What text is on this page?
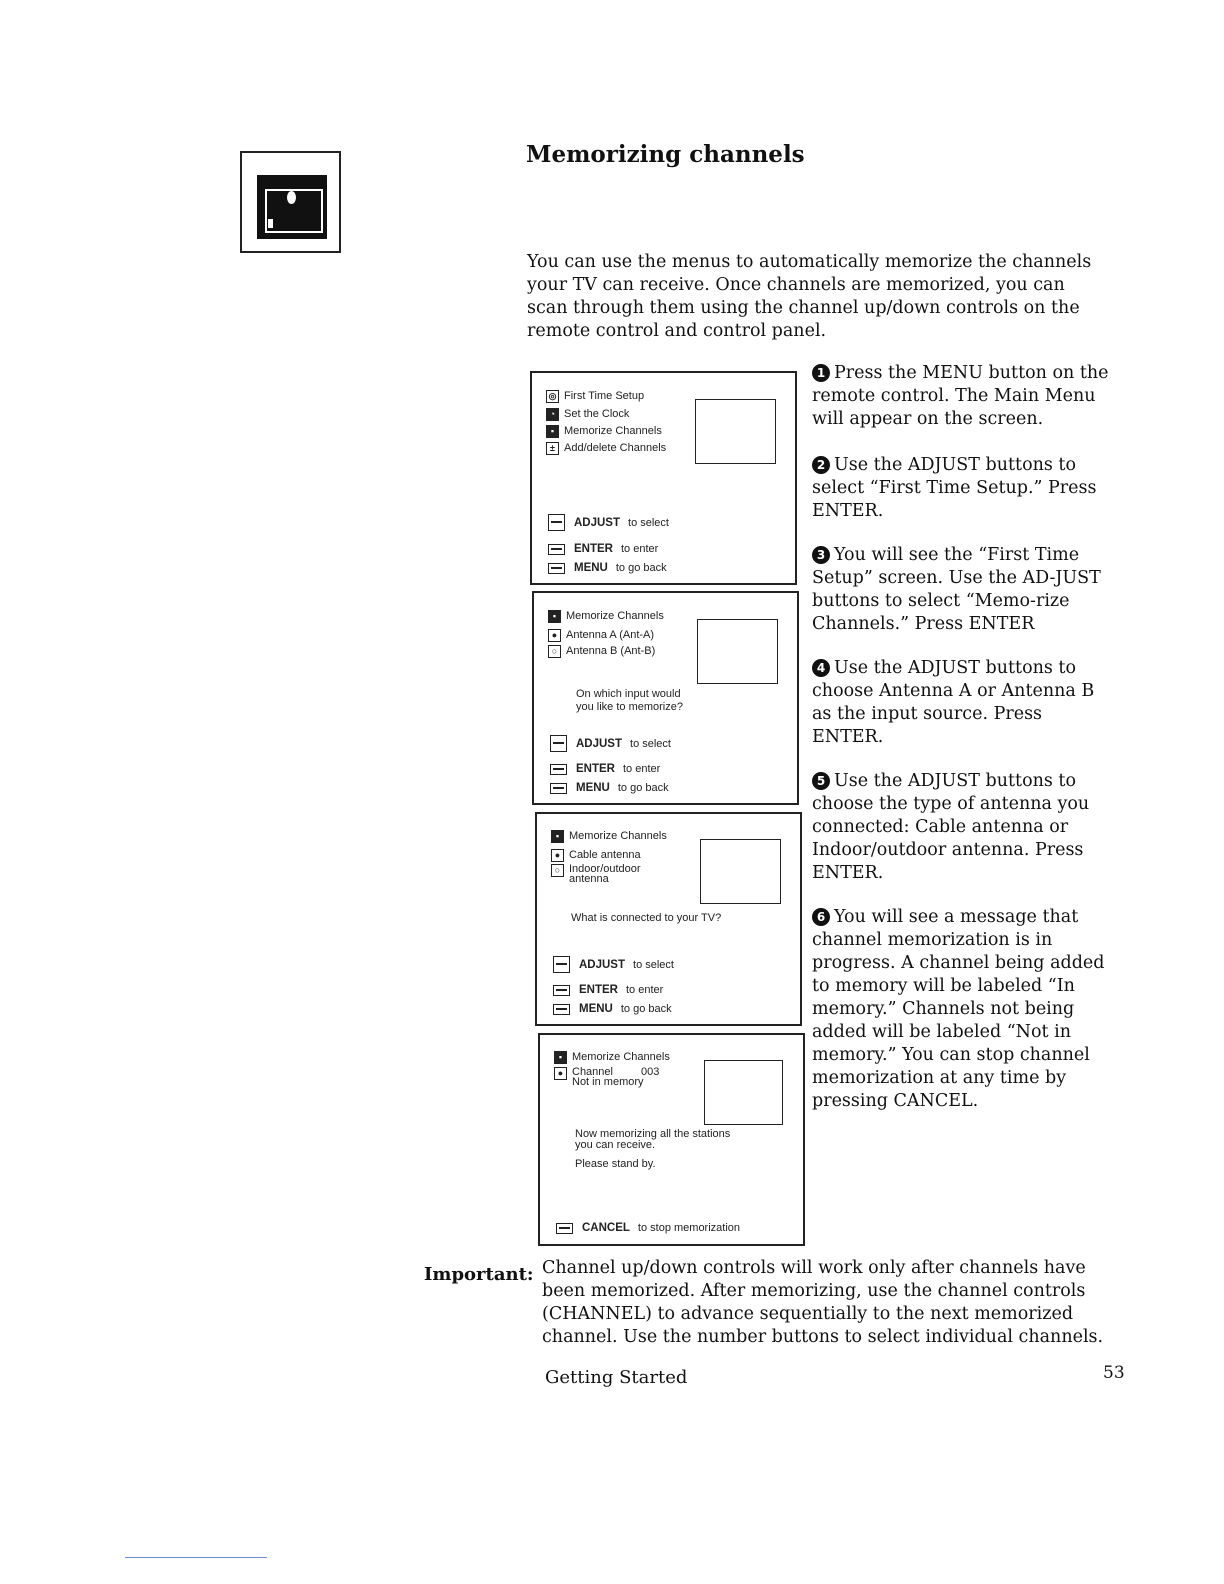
Memorizing channels
You can use the menus to automatically memorize the channels your TV can receive. Once channels are memorized, you can scan through them using the channel up/down controls on the remote control and control panel.
◎ First Time Setup
◔ Set the Clock
▪ Memorize Channels
± Add/delete Channels
ADJUST to select
ENTER to enter
MENU to go back
▪ Memorize Channels
● Antenna A (Ant-A)
○ Antenna B (Ant-B)
On which input would
you like to memorize?
ADJUST to select
ENTER to enter
MENU to go back
▪ Memorize Channels
● Cable antenna
○ Indoor/outdoor
antenna
What is connected to your TV?
ADJUST to select
ENTER to enter
MENU to go back
▪ Memorize Channels
● Channel	003
Not in memory
Now memorizing all the stations
you can receive.
Please stand by.
CANCEL to stop memorization
1 Press the MENU button on the remote control. The Main Menu will appear on the screen.
2 Use the ADJUST buttons to select “First Time Setup.” Press ENTER.
3 You will see the “First Time Setup” screen. Use the AD-JUST buttons to select “Memo-rize Channels.” Press ENTER
4 Use the ADJUST buttons to choose Antenna A or Antenna B as the input source. Press ENTER.
5 Use the ADJUST buttons to choose the type of antenna you connected: Cable antenna or Indoor/outdoor antenna. Press ENTER.
6 You will see a message that channel memorization is in progress. A channel being added to memory will be labeled “In memory.” Channels not being added will be labeled “Not in memory.” You can stop channel memorization at any time by pressing CANCEL.
Important: Channel up/down controls will work only after channels have been memorized. After memorizing, use the channel controls (CHANNEL) to advance sequentially to the next memorized channel. Use the number buttons to select individual channels.
Getting Started	53
